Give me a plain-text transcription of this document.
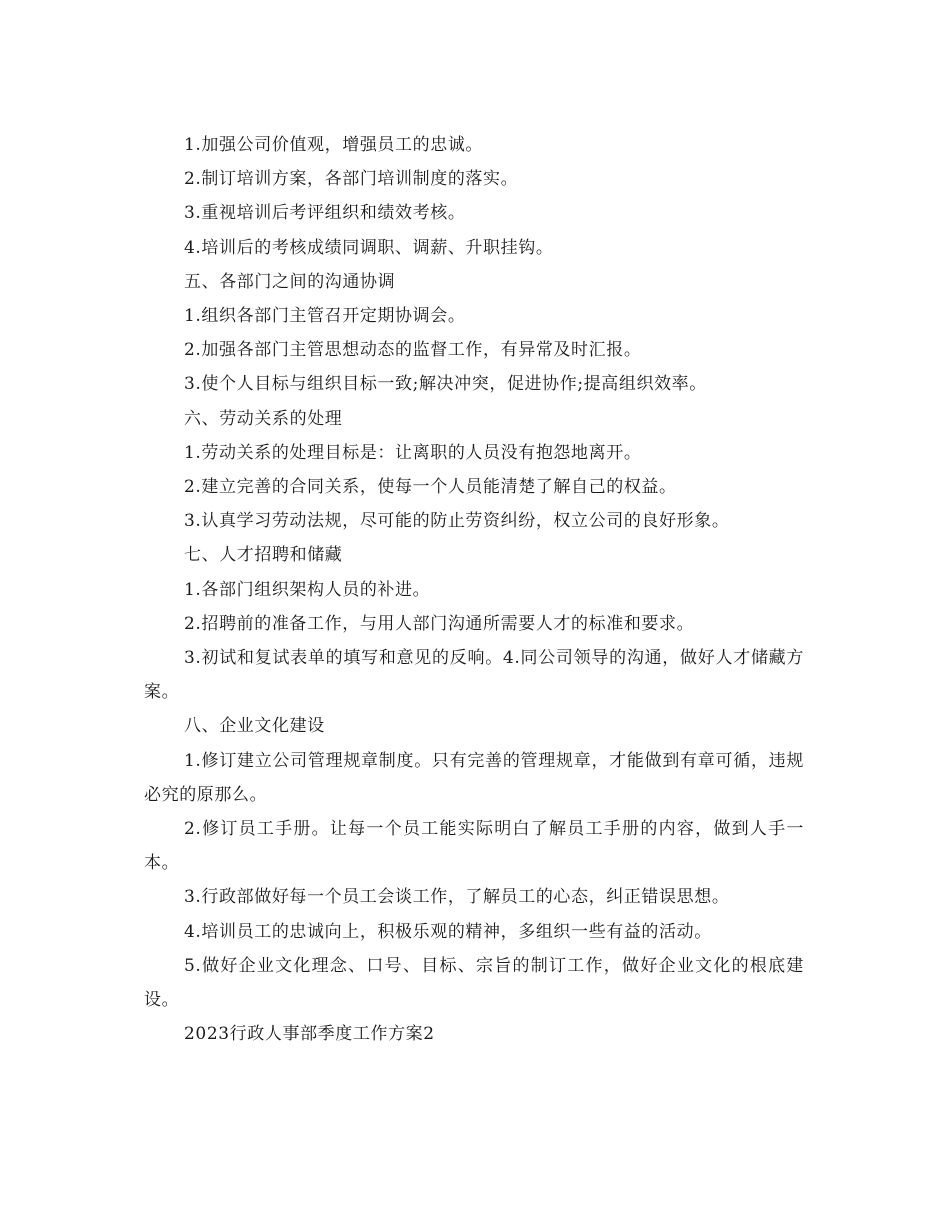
1.加强公司价值观，增强员工的忠诚。

2.制订培训方案，各部门培训制度的落实。

3.重视培训后考评组织和绩效考核。

4.培训后的考核成绩同调职、调薪、升职挂钩。

五、各部门之间的沟通协调

1.组织各部门主管召开定期协调会。

2.加强各部门主管思想动态的监督工作，有异常及时汇报。

3.使个人目标与组织目标一致;解决冲突，促进协作;提高组织效率。

六、劳动关系的处理

1.劳动关系的处理目标是：让离职的人员没有抱怨地离开。

2.建立完善的合同关系，使每一个人员能清楚了解自己的权益。

3.认真学习劳动法规，尽可能的防止劳资纠纷，权立公司的良好形象。

七、人才招聘和储藏

1.各部门组织架构人员的补进。

2.招聘前的准备工作，与用人部门沟通所需要人才的标准和要求。

3.初试和复试表单的填写和意见的反响。4.同公司领导的沟通，做好人才储藏方案。

八、企业文化建设

1.修订建立公司管理规章制度。只有完善的管理规章，才能做到有章可循，违规必究的原那么。

2.修订员工手册。让每一个员工能实际明白了解员工手册的内容，做到人手一本。

3.行政部做好每一个员工会谈工作，了解员工的心态，纠正错误思想。

4.培训员工的忠诚向上，积极乐观的精神，多组织一些有益的活动。

5.做好企业文化理念、口号、目标、宗旨的制订工作，做好企业文化的根底建设。

2023行政人事部季度工作方案2
